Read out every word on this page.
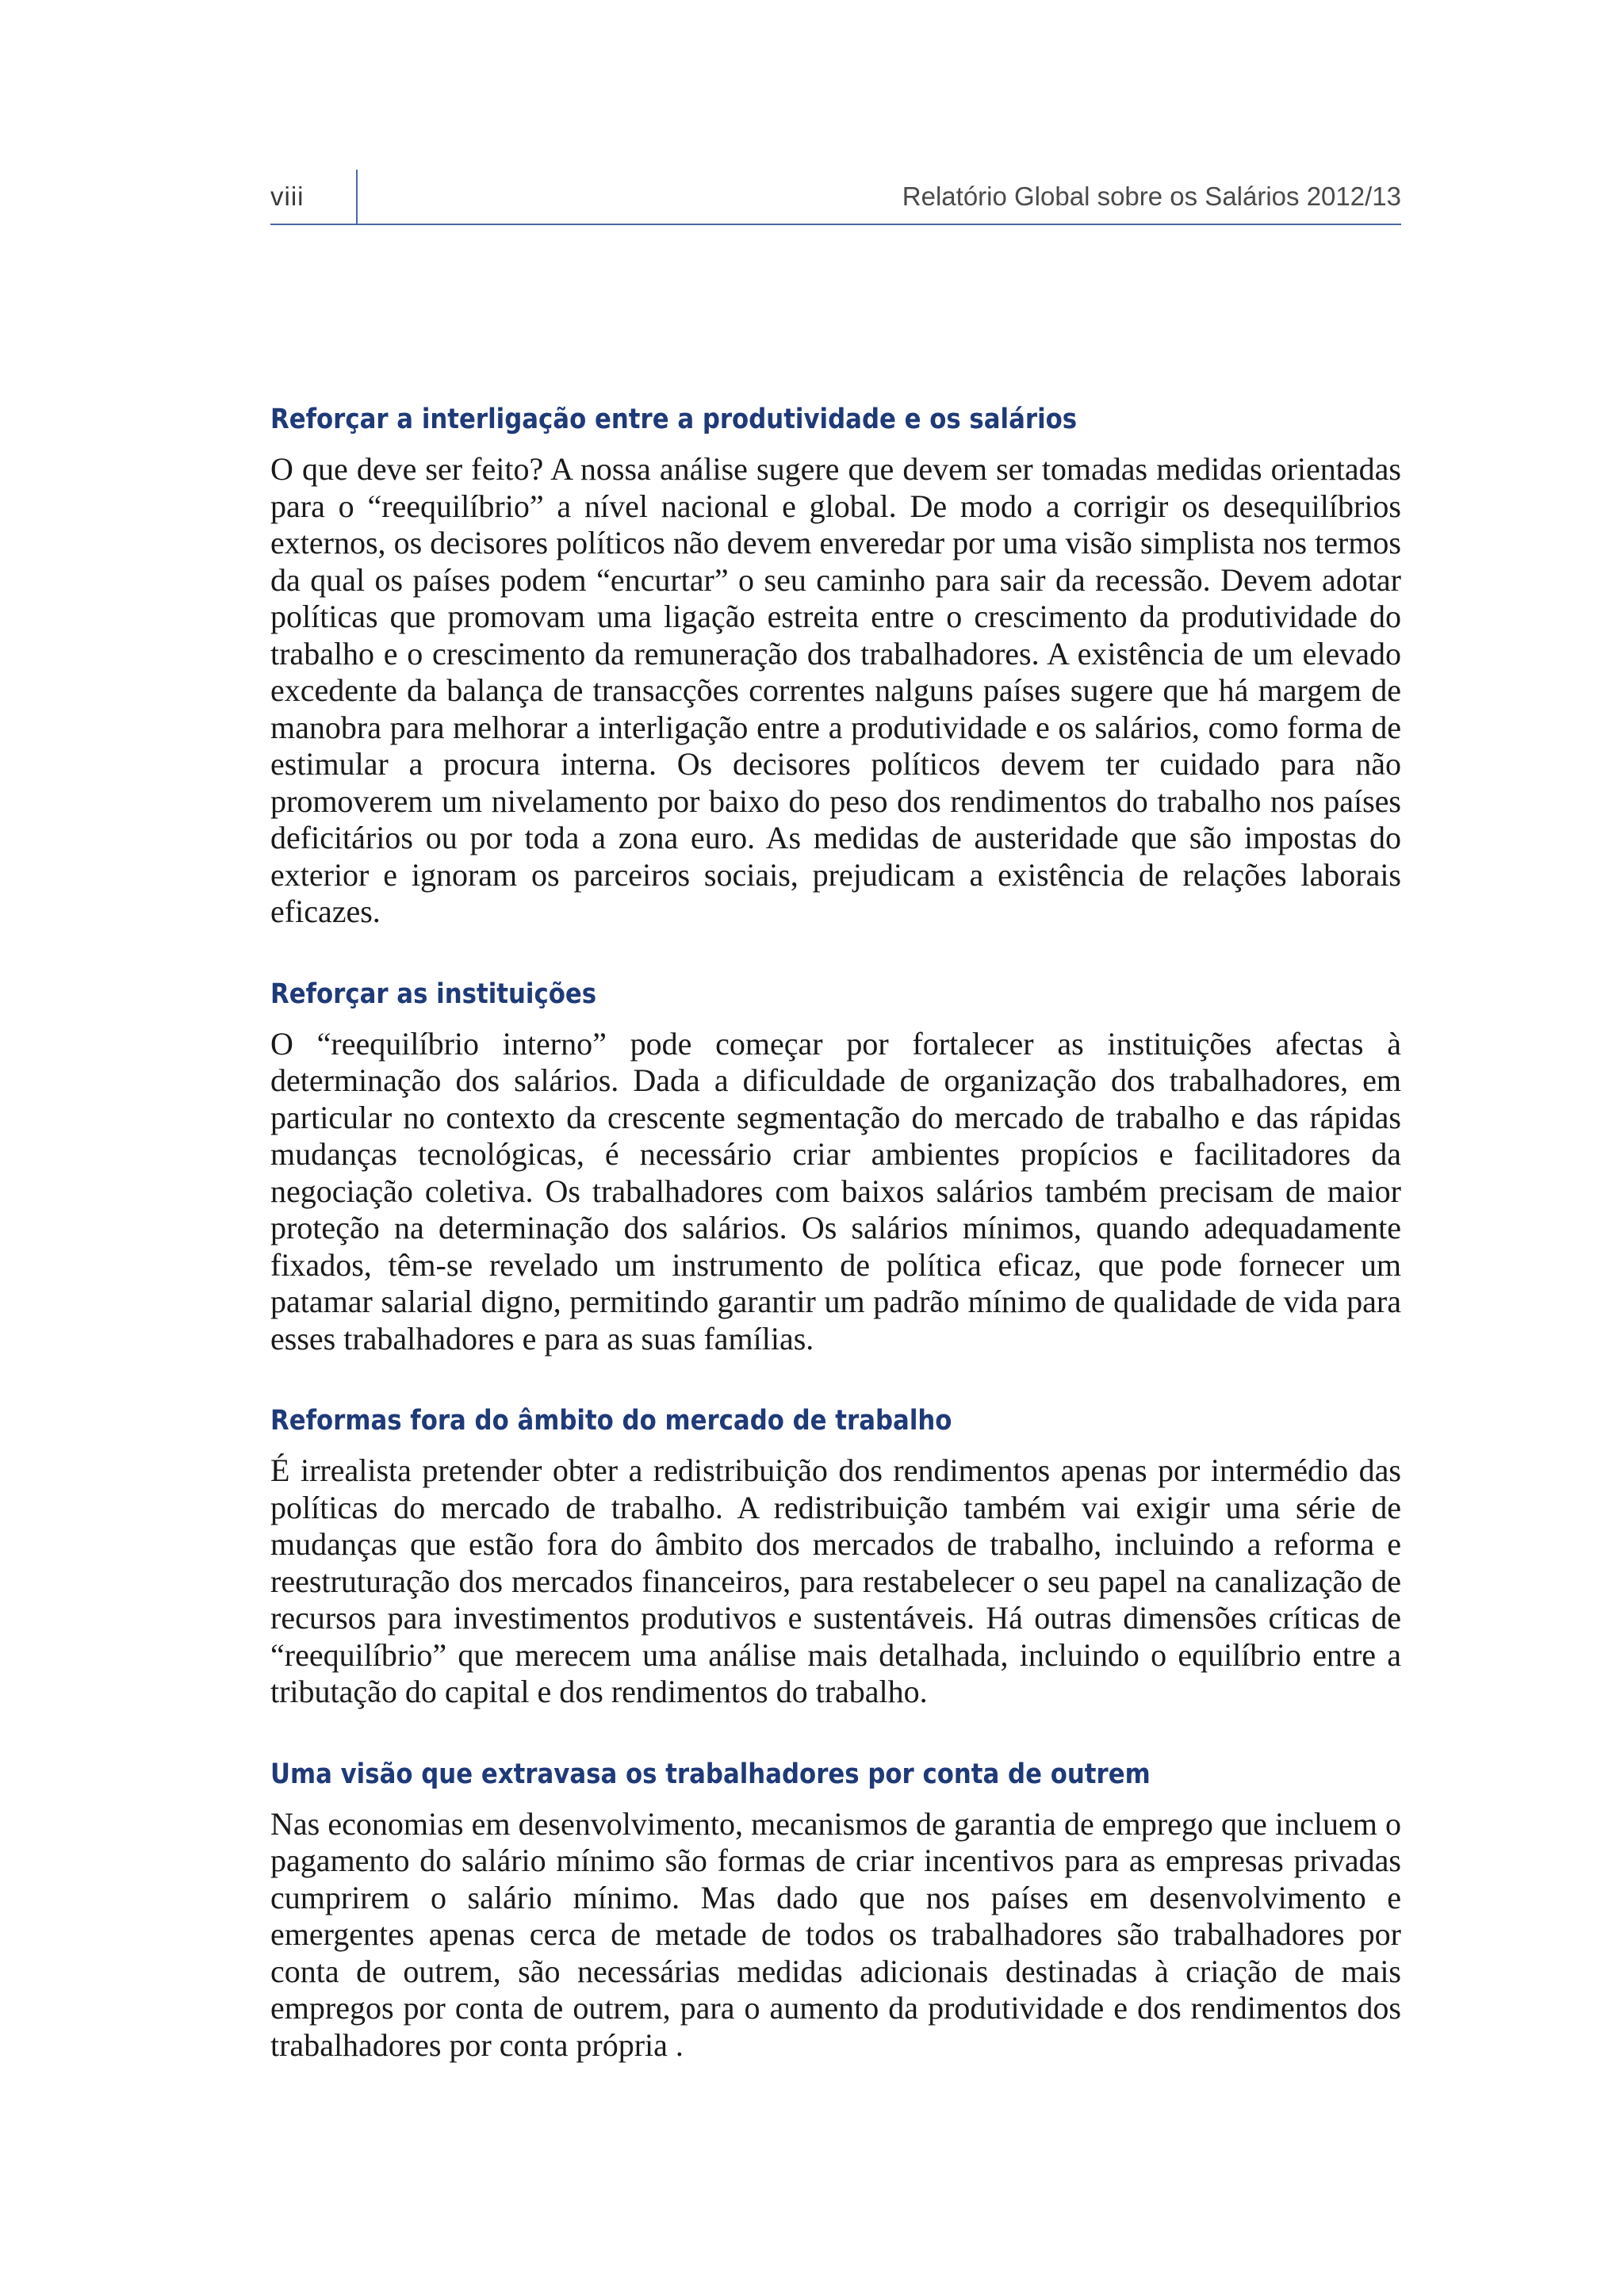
viii	Relatório Global sobre os Salários 2012/13
Reforçar a interligação entre a produtividade e os salários

O que deve ser feito? A nossa análise sugere que devem ser tomadas medidas orientadas para o “reequilíbrio” a nível nacional e global. De modo a corrigir os desequilíbrios externos, os decisores políticos não devem enveredar por uma visão simplista nos termos da qual os países podem “encurtar” o seu caminho para sair da recessão. Devem adotar políticas que promovam uma ligação estreita entre o crescimento da produtividade do trabalho e o crescimento da remuneração dos trabalhadores. A existência de um elevado excedente da balança de transacções correntes nalguns países sugere que há margem de manobra para melhorar a interligação entre a produtividade e os salários, como forma de estimular a procura interna. Os decisores políticos devem ter cuidado para não promoverem um nivelamento por baixo do peso dos rendimentos do trabalho nos países deficitários ou por toda a zona euro. As medidas de austeridade que são impostas do exterior e ignoram os parceiros sociais, prejudicam a existência de relações laborais eficazes.

Reforçar as instituições

O “reequilíbrio interno” pode começar por fortalecer as instituições afectas à determinação dos salários. Dada a dificuldade de organização dos trabalhadores, em particular no contexto da crescente segmentação do mercado de trabalho e das rápidas mudanças tecnológicas, é necessário criar ambientes propícios e facilitadores da negociação coletiva. Os trabalhadores com baixos salários também precisam de maior proteção na determinação dos salários. Os salários mínimos, quando adequadamente fixados, têm-se revelado um instrumento de política eficaz, que pode fornecer um patamar salarial digno, permitindo garantir um padrão mínimo de qualidade de vida para esses trabalhadores e para as suas famílias.

Reformas fora do âmbito do mercado de trabalho

É irrealista pretender obter a redistribuição dos rendimentos apenas por intermédio das políticas do mercado de trabalho. A redistribuição também vai exigir uma série de mudanças que estão fora do âmbito dos mercados de trabalho, incluindo a reforma e reestruturação dos mercados financeiros, para restabelecer o seu papel na canalização de recursos para investimentos produtivos e sustentáveis. Há outras dimensões críticas de “reequilíbrio” que merecem uma análise mais detalhada, incluindo o equilíbrio entre a tributação do capital e dos rendimentos do trabalho.

Uma visão que extravasa os trabalhadores por conta de outrem

Nas economias em desenvolvimento, mecanismos de garantia de emprego que incluem o pagamento do salário mínimo são formas de criar incentivos para as empresas privadas cumprirem o salário mínimo. Mas dado que nos países em desenvolvimento e emergentes apenas cerca de metade de todos os trabalhadores são trabalhadores por conta de outrem, são necessárias medidas adicionais destinadas à criação de mais empregos por conta de outrem, para o aumento da produtividade e dos rendimentos dos trabalhadores por conta própria .
